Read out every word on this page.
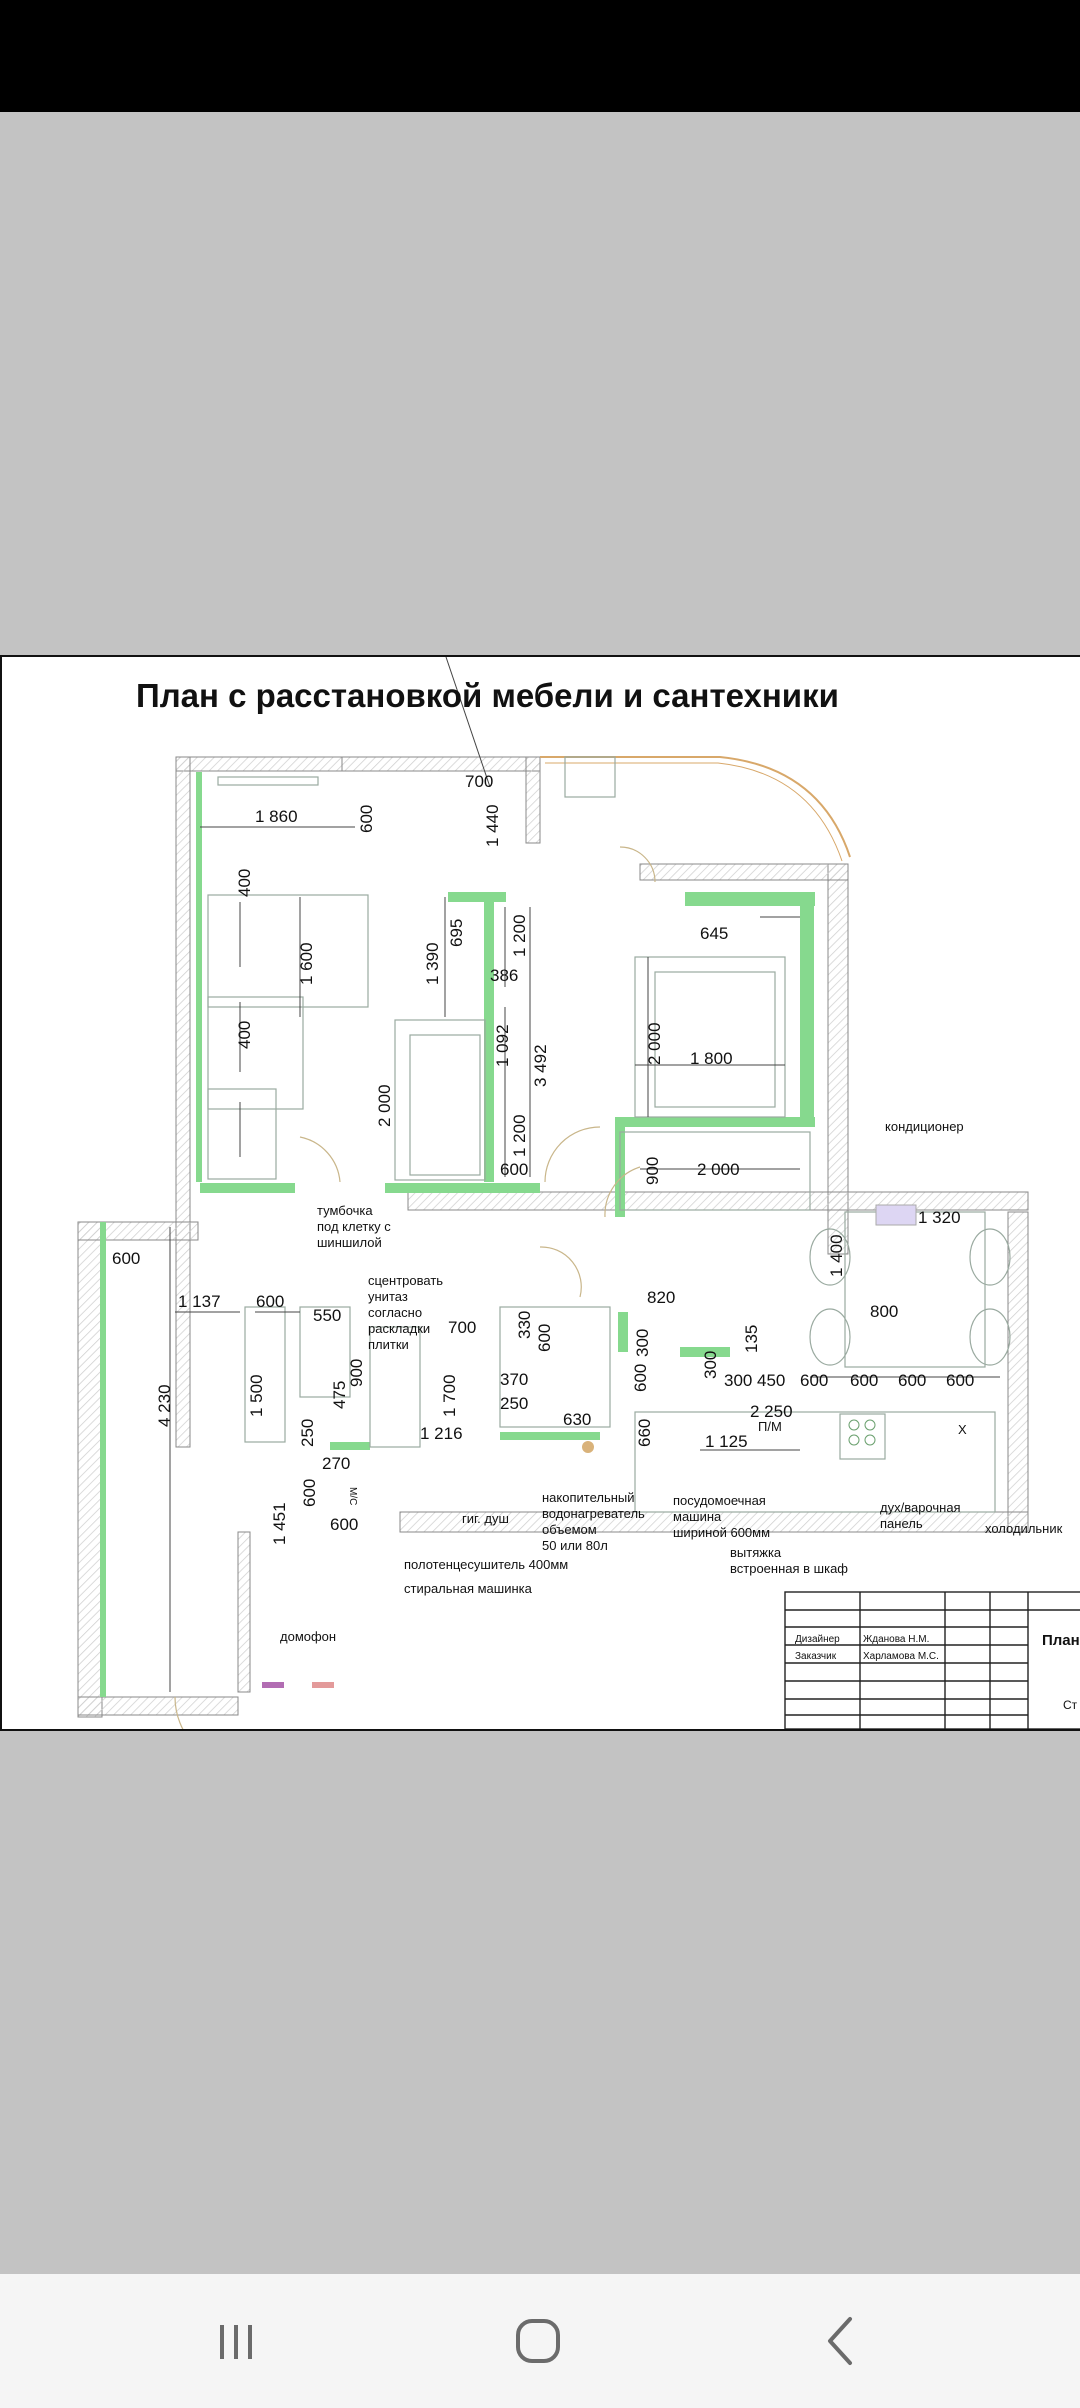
План с расстановкой мебели и сантехники
700
1 440
1 860	600
400
1 600
400
1 390
695	1 200
386
1 092 3 492
1 200
2 000
600
645
2 000 1 800
900 2 000
1 320
1 400
800
600
1 137 600
550
900
475
700
1 700
330 600
370
250
1 216
630
820
300
600
135
300
300 450 600 600 600 600
2 250
1 125
660
1 500
250
4 230
270
600
1 451 600
тумбочка
под клетку с
шиншилой
сцентровать
унитаз
согласно
раскладки
плитки
кондиционер
гиг. душ
накопительный
водонагреватель
объемом
50 или 80л
посудомоечная
машина
шириной 600мм
вытяжка
встроенная в шкаф
дух/варочная
панель	холодильник
полотенцесушитель 400мм
стиральная машинка
домофон
П/М
М/С
X
Дизайнер Жданова Н.М.
Заказчик	Харламова М.С.
План
Ст
